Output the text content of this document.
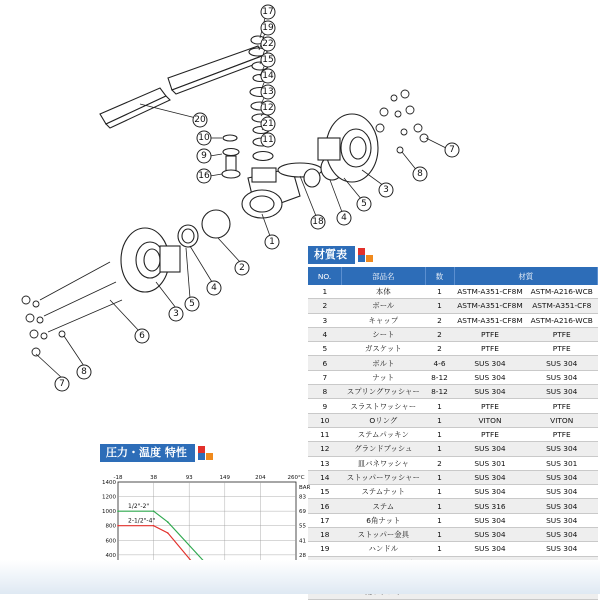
17
19
22
15
14
13
12
21
11
20
10
9
16
18
1
2
4
5
3
6
7
8
4
5
3
8
7
材質表
NO.	部品名	数	材質	
1	本体	1	ASTM-A351-CF8M	ASTM-A216-WCB
2	ボール	1	ASTM-A351-CF8M	ASTM-A351-CF8
3	キャップ	2	ASTM-A351-CF8M	ASTM-A216-WCB
4	シート	2	PTFE	PTFE
5	ガスケット	2	PTFE	PTFE
6	ボルト	4-6	SUS 304	SUS 304
7	ナット	8-12	SUS 304	SUS 304
8	スプリングワッシャー	8-12	SUS 304	SUS 304
9	スラストワッシャー	1	PTFE	PTFE
10	Oリング	1	VITON	VITON
11	ステムパッキン	1	PTFE	PTFE
12	グランドブッシュ	1	SUS 304	SUS 304
13	皿バネワッシャ	2	SUS 301	SUS 301
14	ストッパーワッシャー	1	SUS 304	SUS 304
15	ステムナット	1	SUS 304	SUS 304
16	ステム	1	SUS 316	SUS 304
17	6角ナット	1	SUS 304	SUS 304
18	ストッパー金具	1	SUS 304	SUS 304
19	ハンドル	1	SUS 304	SUS 304

-18	38	93	149	204	260°C
1400
1200
1000
800
600
400
BAR
83
69
55
41
28
1/2"-2"
2-1/2"-4"
圧力・温度 特性
